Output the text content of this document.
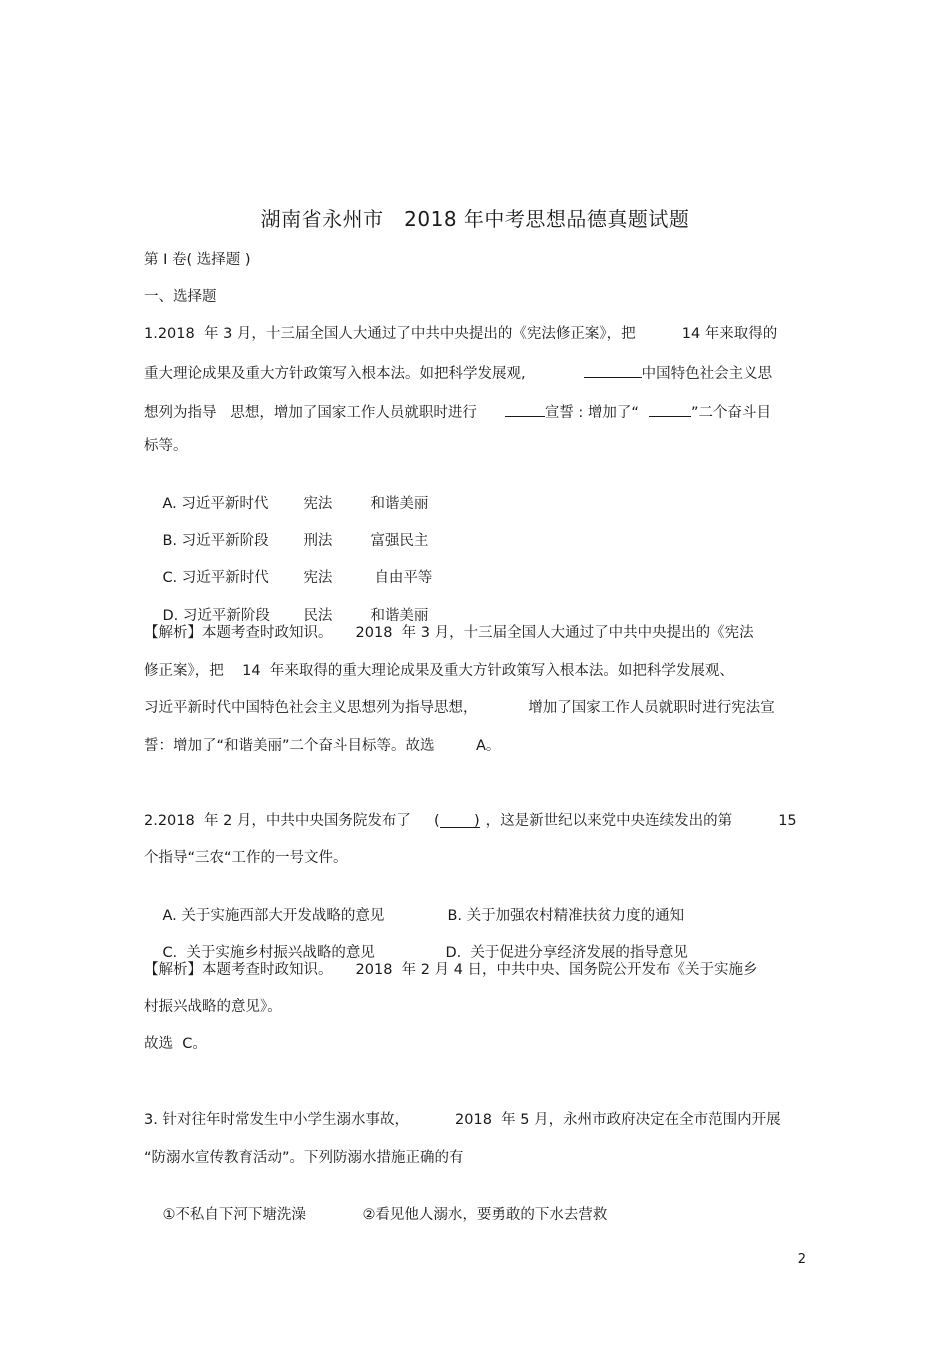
湖南省永州市   2018 年中考思想品德真题试题
第 I 卷( 选择题 )
一、选择题
1.2018  年 3 月，十三届全国人大通过了中共中央提出的《宪法修正案》，把          14 年来取得的
重大理论成果及重大方针政策写入根本法。如把科学发展观,	中国特色社会主义思
想列为指导   思想，增加了国家工作人员就职时进行	宣誓 : 增加了“	”二个奋斗目
标等。

A. 习近平新时代 宪法	和谐美丽

B. 习近平新阶段 刑法	富强民主

C. 习近平新时代 宪法	自由平等

D. 习近平新阶段 民法	和谐美丽

【解析】本题考查时政知识。     2018  年 3 月，十三届全国人大通过了中共中央提出的《宪法
修正案》，把    14  年来取得的重大理论成果及重大方针政策写入根本法。如把科学发展观、
习近平新时代中国特色社会主义思想列为指导思想，           增加了国家工作人员就职时进行宪法宣
誓：增加了“和谐美丽”二个奋斗目标等。故选         A。
2.2018  年 2 月，中共中央国务院发布了     ( ) ，这是新世纪以来党中央连续发出的第          15
个指导“三农“工作的一号文件。

A. 关于实施西部大开发战略的意见	B. 关于加强农村精准扶贫力度的通知

C.  关于实施乡村振兴战略的意见	D.  关于促进分享经济发展的指导意见

【解析】本题考查时政知识。     2018  年 2 月 4 日，中共中央、国务院公开发布《关于实施乡
村振兴战略的意见》。
故选  C。
3. 针对往年时常发生中小学生溺水事故，          2018  年 5 月，永州市政府决定在全市范围内开展
“防溺水宣传教育活动”。下列防溺水措施正确的有

①不私自下河下塘洗澡	②看见他人溺水，要勇敢的下水去营救

2
